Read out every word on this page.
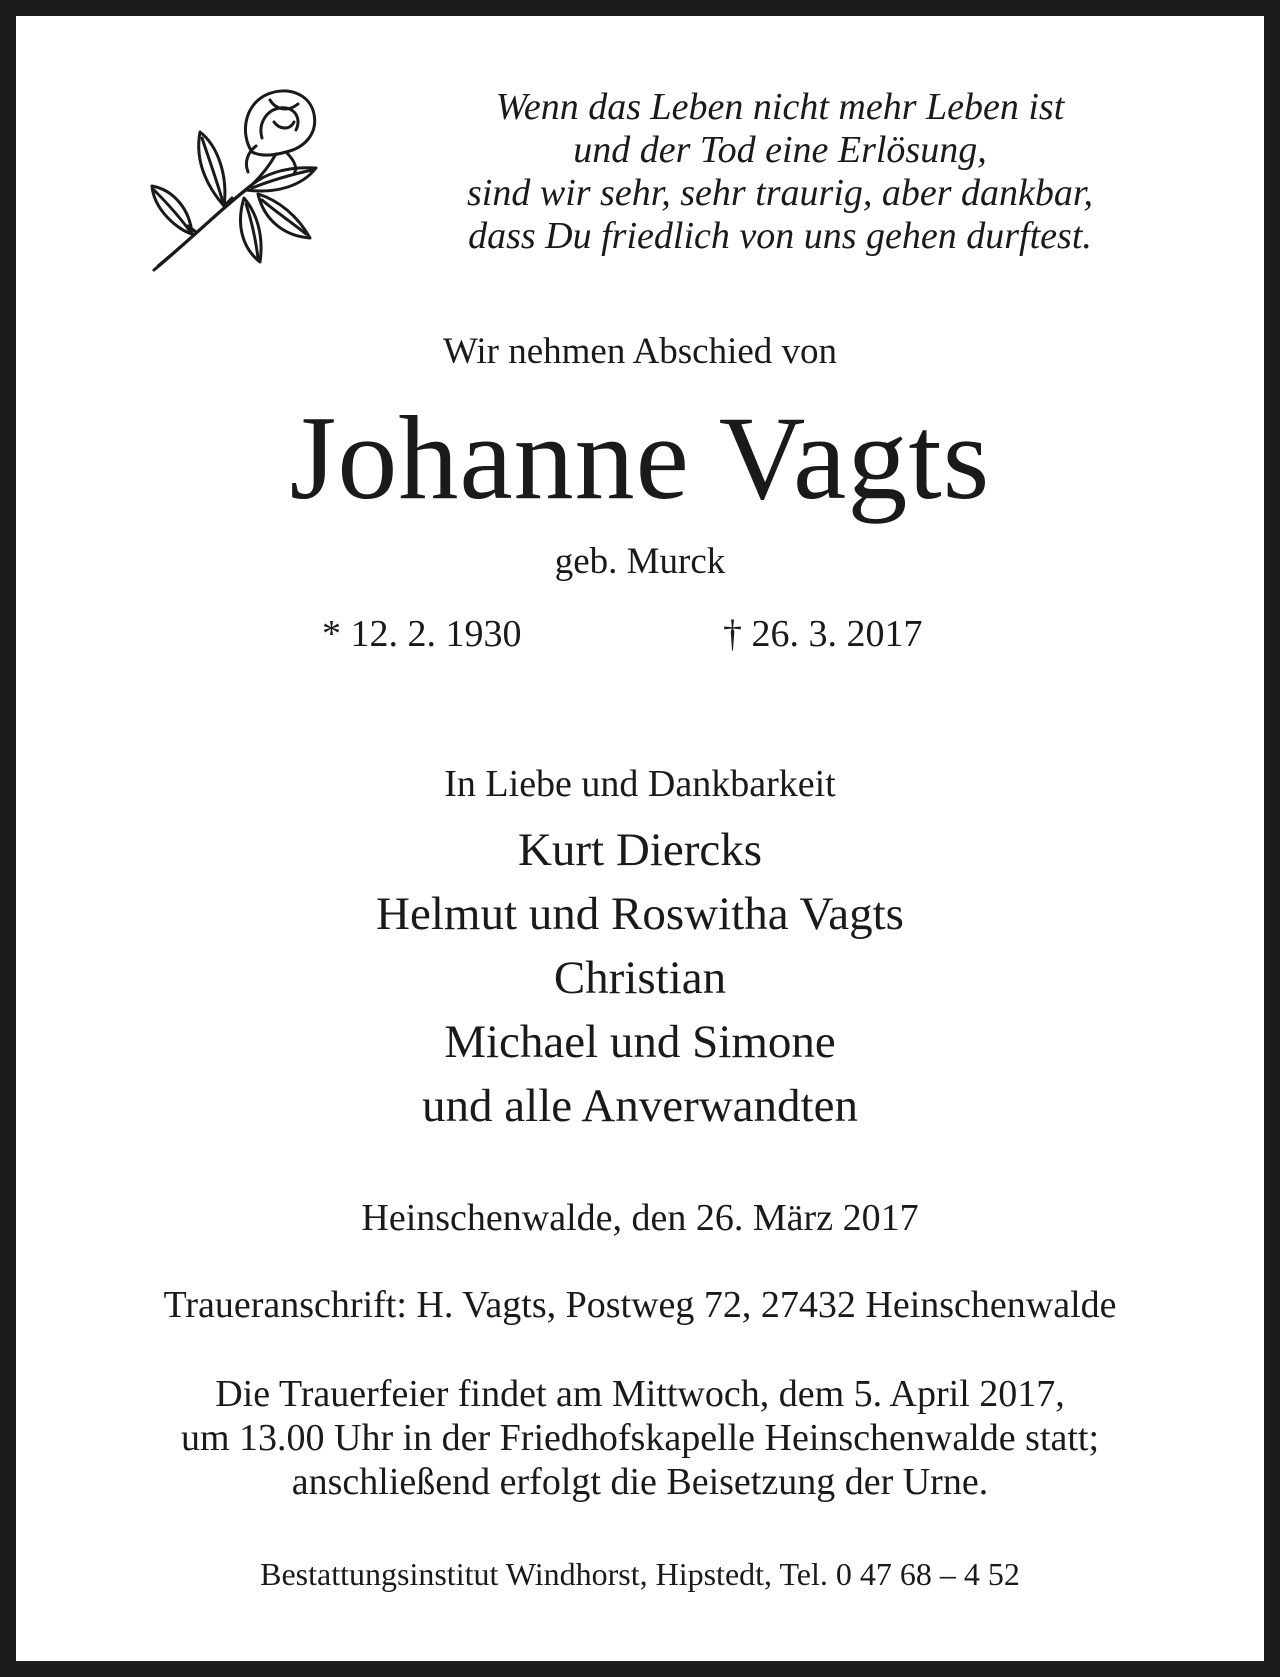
Wenn das Leben nicht mehr Leben ist
und der Tod eine Erlösung,
sind wir sehr, sehr traurig, aber dankbar,
dass Du friedlich von uns gehen durftest.
Wir nehmen Abschied von
Johanne Vagts
geb. Murck
* 12. 2. 1930	† 26. 3. 2017
In Liebe und Dankbarkeit
Kurt Diercks
Helmut und Roswitha Vagts
Christian
Michael und Simone
und alle Anverwandten
Heinschenwalde, den 26. März 2017
Traueranschrift: H. Vagts, Postweg 72, 27432 Heinschenwalde
Die Trauerfeier findet am Mittwoch, dem 5. April 2017,
um 13.00 Uhr in der Friedhofskapelle Heinschenwalde statt;
anschließend erfolgt die Beisetzung der Urne.
Bestattungsinstitut Windhorst, Hipstedt, Tel. 0 47 68 – 4 52
